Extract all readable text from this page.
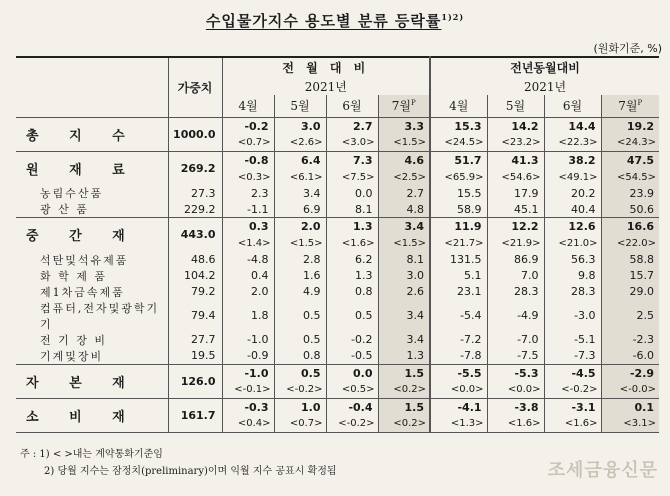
수입물가지수 용도별 분류 등락률$^{1)2)}$
(원화기준, %)
	가중치	전 월 대 비				전년동월대비			
		2021년				2021년			
		4월	5월	6월	7월$^P$	4월	5월	6월	7월$^P$
총 지 수	1000.0	-0.2	3.0	2.7	3.3	15.3	14.2	14.4	19.2
		<0.7>	<2.6>	<3.0>	<1.5>	<24.5>	<23.2>	<22.3>	<24.3>
원 재 료	269.2	-0.8	6.4	7.3	4.6	51.7	41.3	38.2	47.5
		<0.3>	<6.1>	<7.5>	<2.5>	<65.9>	<54.6>	<49.1>	<54.5>
농림수산품	27.3	2.3	3.4	0.0	2.7	15.5	17.9	20.2	23.9
광 산 품	229.2	-1.1	6.9	8.1	4.8	58.9	45.1	40.4	50.6
중 간 재	443.0	0.3	2.0	1.3	3.4	11.9	12.2	12.6	16.6
		<1.4>	<1.5>	<1.6>	<1.5>	<21.7>	<21.9>	<21.0>	<22.0>
석탄및석유제품	48.6	-4.8	2.8	6.2	8.1	131.5	86.9	56.3	58.8
화 학 제 품	104.2	0.4	1.6	1.3	3.0	5.1	7.0	9.8	15.7
제1차금속제품	79.2	2.0	4.9	0.8	2.6	23.1	28.3	28.3	29.0
컴퓨터,전자및광학기기	79.4	1.8	0.5	0.5	3.4	-5.4	-4.9	-3.0	2.5
전 기 장 비	27.7	-1.0	0.5	-0.2	3.4	-7.2	-7.0	-5.1	-2.3
기계및장비	19.5	-0.9	0.8	-0.5	1.3	-7.8	-7.5	-7.3	-6.0
자 본 재	126.0	-1.0	0.5	0.0	1.5	-5.5	-5.3	-4.5	-2.9
		<-0.1>	<-0.2>	<0.5>	<0.2>	<0.0>	<0.0>	<-0.2>	<-0.0>
소 비 재	161.7	-0.3	1.0	-0.4	1.5	-4.1	-3.8	-3.1	0.1
		<0.4>	<0.7>	<-0.2>	<0.2>	<1.3>	<1.6>	<1.6>	<3.1>
주 : 1) < >내는 계약통화기준임
2) 당월 지수는 잠정치(preliminary)이며 익월 지수 공표시 확정됨	조세금융신문
